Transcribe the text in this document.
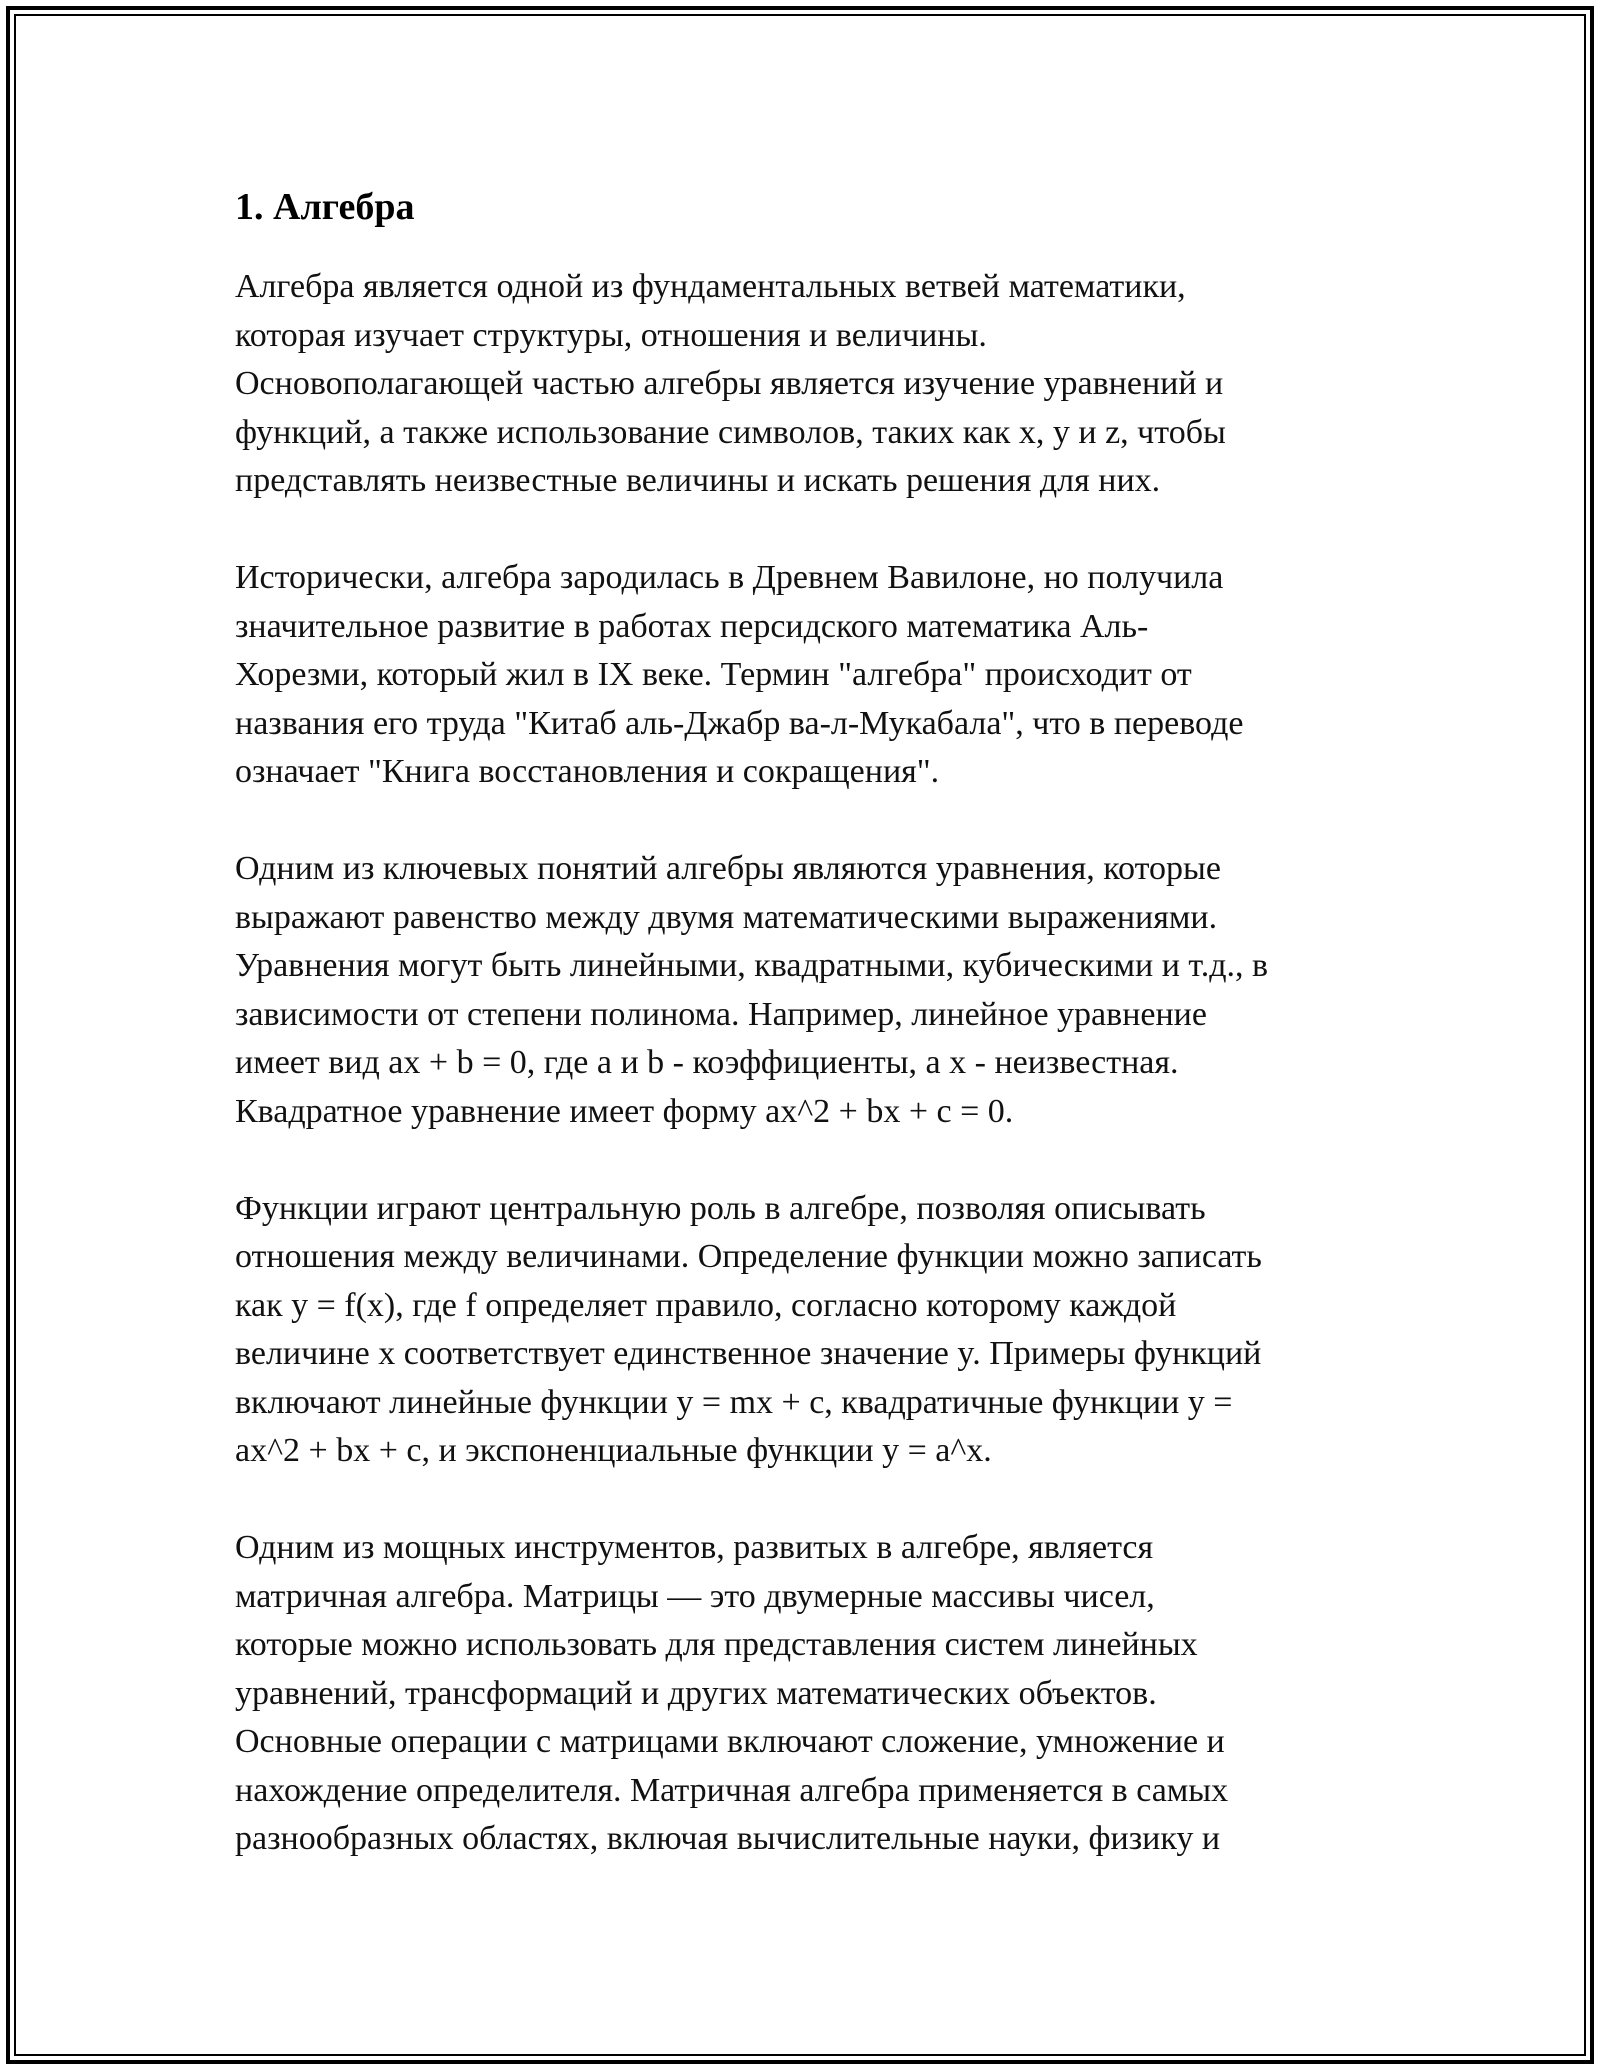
1. Алгебра
Алгебра является одной из фундаментальных ветвей математики,
которая изучает структуры, отношения и величины.
Основополагающей частью алгебры является изучение уравнений и
функций, а также использование символов, таких как x, y и z, чтобы
представлять неизвестные величины и искать решения для них.
Исторически, алгебра зародилась в Древнем Вавилоне, но получила
значительное развитие в работах персидского математика Аль-
Хорезми, который жил в IX веке. Термин "алгебра" происходит от
названия его труда "Китаб аль-Джабр ва-л-Мукабала", что в переводе
означает "Книга восстановления и сокращения".
Одним из ключевых понятий алгебры являются уравнения, которые
выражают равенство между двумя математическими выражениями.
Уравнения могут быть линейными, квадратными, кубическими и т.д., в
зависимости от степени полинома. Например, линейное уравнение
имеет вид ax + b = 0, где a и b - коэффициенты, а x - неизвестная.
Квадратное уравнение имеет форму ax^2 + bx + c = 0.
Функции играют центральную роль в алгебре, позволяя описывать
отношения между величинами. Определение функции можно записать
как y = f(x), где f определяет правило, согласно которому каждой
величине x соответствует единственное значение y. Примеры функций
включают линейные функции y = mx + c, квадратичные функции y =
ax^2 + bx + c, и экспоненциальные функции y = a^x.
Одним из мощных инструментов, развитых в алгебре, является
матричная алгебра. Матрицы — это двумерные массивы чисел,
которые можно использовать для представления систем линейных
уравнений, трансформаций и других математических объектов.
Основные операции с матрицами включают сложение, умножение и
нахождение определителя. Матричная алгебра применяется в самых
разнообразных областях, включая вычислительные науки, физику и
